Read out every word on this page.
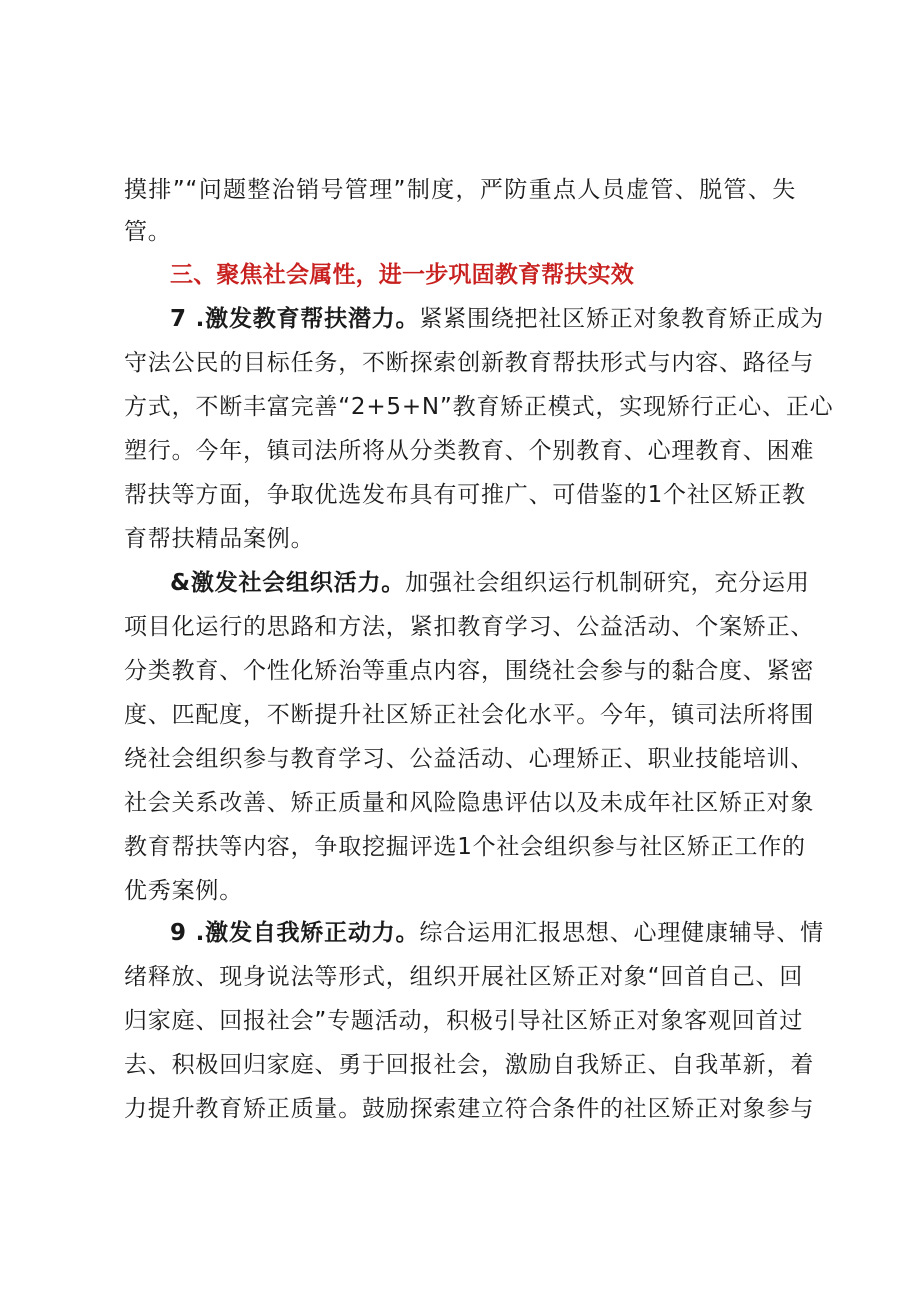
摸排”“问题整治销号管理”制度，严防重点人员虚管、脱管、失
管。
三、聚焦社会属性，进一步巩固教育帮扶实效
7 .激发教育帮扶潜力。紧紧围绕把社区矫正对象教育矫正成为
守法公民的目标任务，不断探索创新教育帮扶形式与内容、路径与
方式，不断丰富完善“2+5+N”教育矫正模式，实现矫行正心、正心
塑行。今年，镇司法所将从分类教育、个别教育、心理教育、困难
帮扶等方面，争取优选发布具有可推广、可借鉴的1个社区矫正教
育帮扶精品案例。
&激发社会组织活力。加强社会组织运行机制研究，充分运用
项目化运行的思路和方法，紧扣教育学习、公益活动、个案矫正、
分类教育、个性化矫治等重点内容，围绕社会参与的黏合度、紧密
度、匹配度，不断提升社区矫正社会化水平。今年，镇司法所将围
绕社会组织参与教育学习、公益活动、心理矫正、职业技能培训、
社会关系改善、矫正质量和风险隐患评估以及未成年社区矫正对象
教育帮扶等内容，争取挖掘评选1个社会组织参与社区矫正工作的
优秀案例。
9 .激发自我矫正动力。综合运用汇报思想、心理健康辅导、情
绪释放、现身说法等形式，组织开展社区矫正对象“回首自己、回
归家庭、回报社会”专题活动，积极引导社区矫正对象客观回首过
去、积极回归家庭、勇于回报社会，激励自我矫正、自我革新，着
力提升教育矫正质量。鼓励探索建立符合条件的社区矫正对象参与
